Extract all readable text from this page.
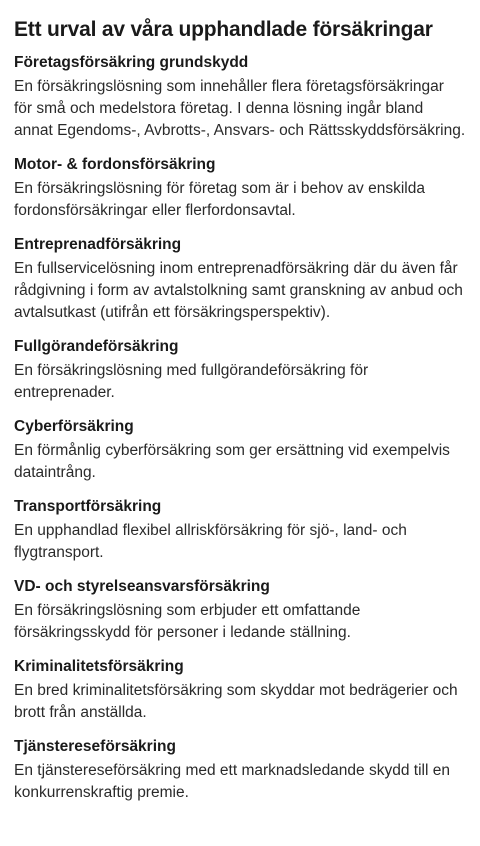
Ett urval av våra upphandlade försäkringar
Företagsförsäkring grundskydd

En försäkringslösning som innehåller flera företagsförsäkringar för små och medelstora företag. I denna lösning ingår bland annat Egendoms-, Avbrotts-, Ansvars- och Rättsskyddsförsäkring.

Motor- & fordonsförsäkring

En försäkringslösning för företag som är i behov av enskilda fordonsförsäkringar eller flerfordonsavtal.

Entreprenadförsäkring

En fullservicelösning inom entreprenadförsäkring där du även får rådgivning i form av avtalstolkning samt granskning av anbud och avtalsutkast (utifrån ett försäkringsperspektiv).

Fullgörandeförsäkring

En försäkringslösning med fullgörandeförsäkring för entreprenader.

Cyberförsäkring

En förmånlig cyberförsäkring som ger ersättning vid exempelvis dataintrång.

Transportförsäkring

En upphandlad flexibel allriskförsäkring för sjö-, land- och flygtransport.

VD- och styrelseansvarsförsäkring

En försäkringslösning som erbjuder ett omfattande försäkringsskydd för personer i ledande ställning.

Kriminalitetsförsäkring

En bred kriminalitetsförsäkring som skyddar mot bedrägerier och brott från anställda.

Tjänstereseförsäkring

En tjänstereseförsäkring med ett marknadsledande skydd till en konkurrenskraftig premie.
